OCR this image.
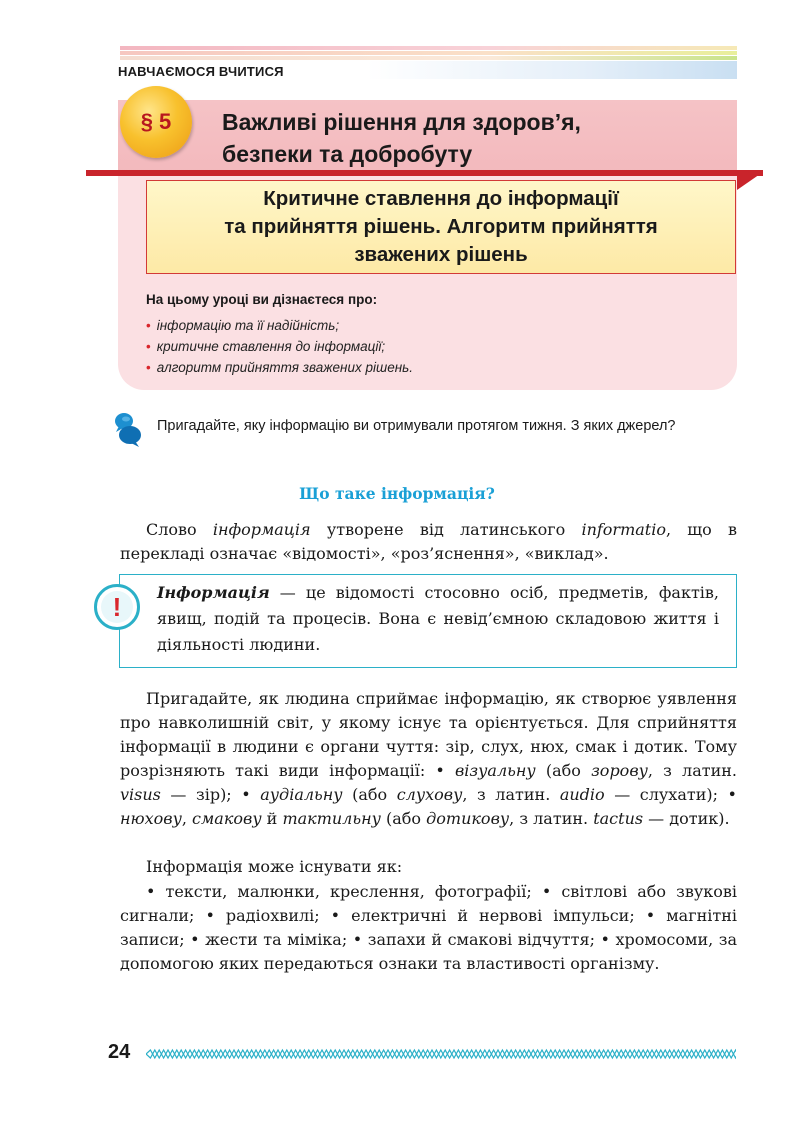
НАВЧАЄМОСЯ ВЧИТИСЯ
§ 5 Важливі рішення для здоров’я,
безпеки та добробуту
Критичне ставлення до інформації
та прийняття рішень. Алгоритм прийняття
зважених рішень
На цьому уроці ви дізнаєтеся про:
• інформацію та її надійність;
• критичне ставлення до інформації;
• алгоритм прийняття зважених рішень.
Пригадайте, яку інформацію ви отримували протягом тижня. З яких джерел?
Що таке інформація?

Слово інформація утворене від латинського informatio, що в перекладі означає «відомості», «роз’яснення», «виклад».

! Інформація — це відомості стосовно осіб, предметів, фактів, явищ, подій та процесів. Вона є невід’ємною складовою життя і діяльності людини.

Пригадайте, як людина сприймає інформацію, як створює уявлення про навколишній світ, у якому існує та орієнтується. Для сприйняття інформації в людини є органи чуття: зір, слух, нюх, смак і дотик. Тому розрізняють такі види інформації: • візуальну (або зорову, з латин. visus — зір); • аудіальну (або слухову, з латин. audio — слухати); • нюхову, смакову й тактильну (або дотикову, з латин. tactus — дотик).

Інформація може існувати як:

• тексти, малюнки, креслення, фотографії; • світлові або звукові сигнали; • радіохвилі; • електричні й нервові імпульси; • магнітні записи; • жести та міміка; • запахи й смакові відчуття; • хромосоми, за допомогою яких передаються ознаки та властивості організму.

24
